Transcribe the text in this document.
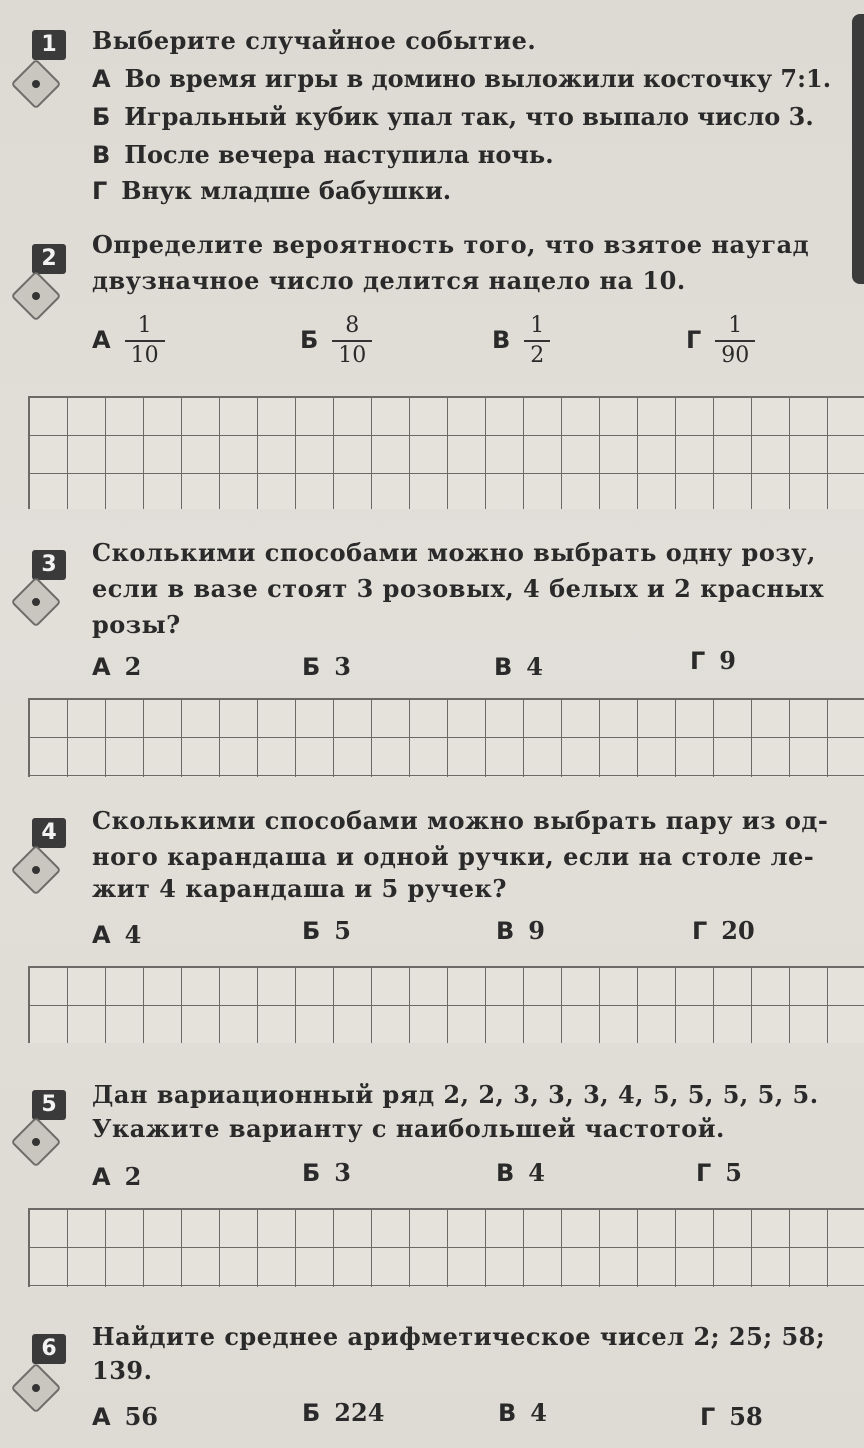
1	Выберите случайное событие.
А Во время игры в домино выложили косточку 7:1.
Б Игральный кубик упал так, что выпало число 3.
В После вечера наступила ночь.
Г Внук младше бабушки.
2	Определите вероятность того, что взятое наугад
двузначное число делится нацело на 10.
А $\frac{1}{10}$	Б $\frac{8}{10}$	В $\frac{1}{2}$	Г $\frac{1}{90}$
3	Сколькими способами можно выбрать одну розу,
если в вазе стоят 3 розовых, 4 белых и 2 красных
розы?
А 2	Б 3	В 4	Г 9
4	Сколькими способами можно выбрать пару из од-
ного карандаша и одной ручки, если на столе ле-
жит 4 карандаша и 5 ручек?
А 4	Б 5	В 9	Г 20
5	Дан вариационный ряд 2, 2, 3, 3, 3, 4, 5, 5, 5, 5, 5.
Укажите варианту с наибольшей частотой.
А 2	Б 3	В 4	Г 5
6	Найдите среднее арифметическое чисел 2; 25; 58;
139.
А 56	Б 224	В 4	Г 58
